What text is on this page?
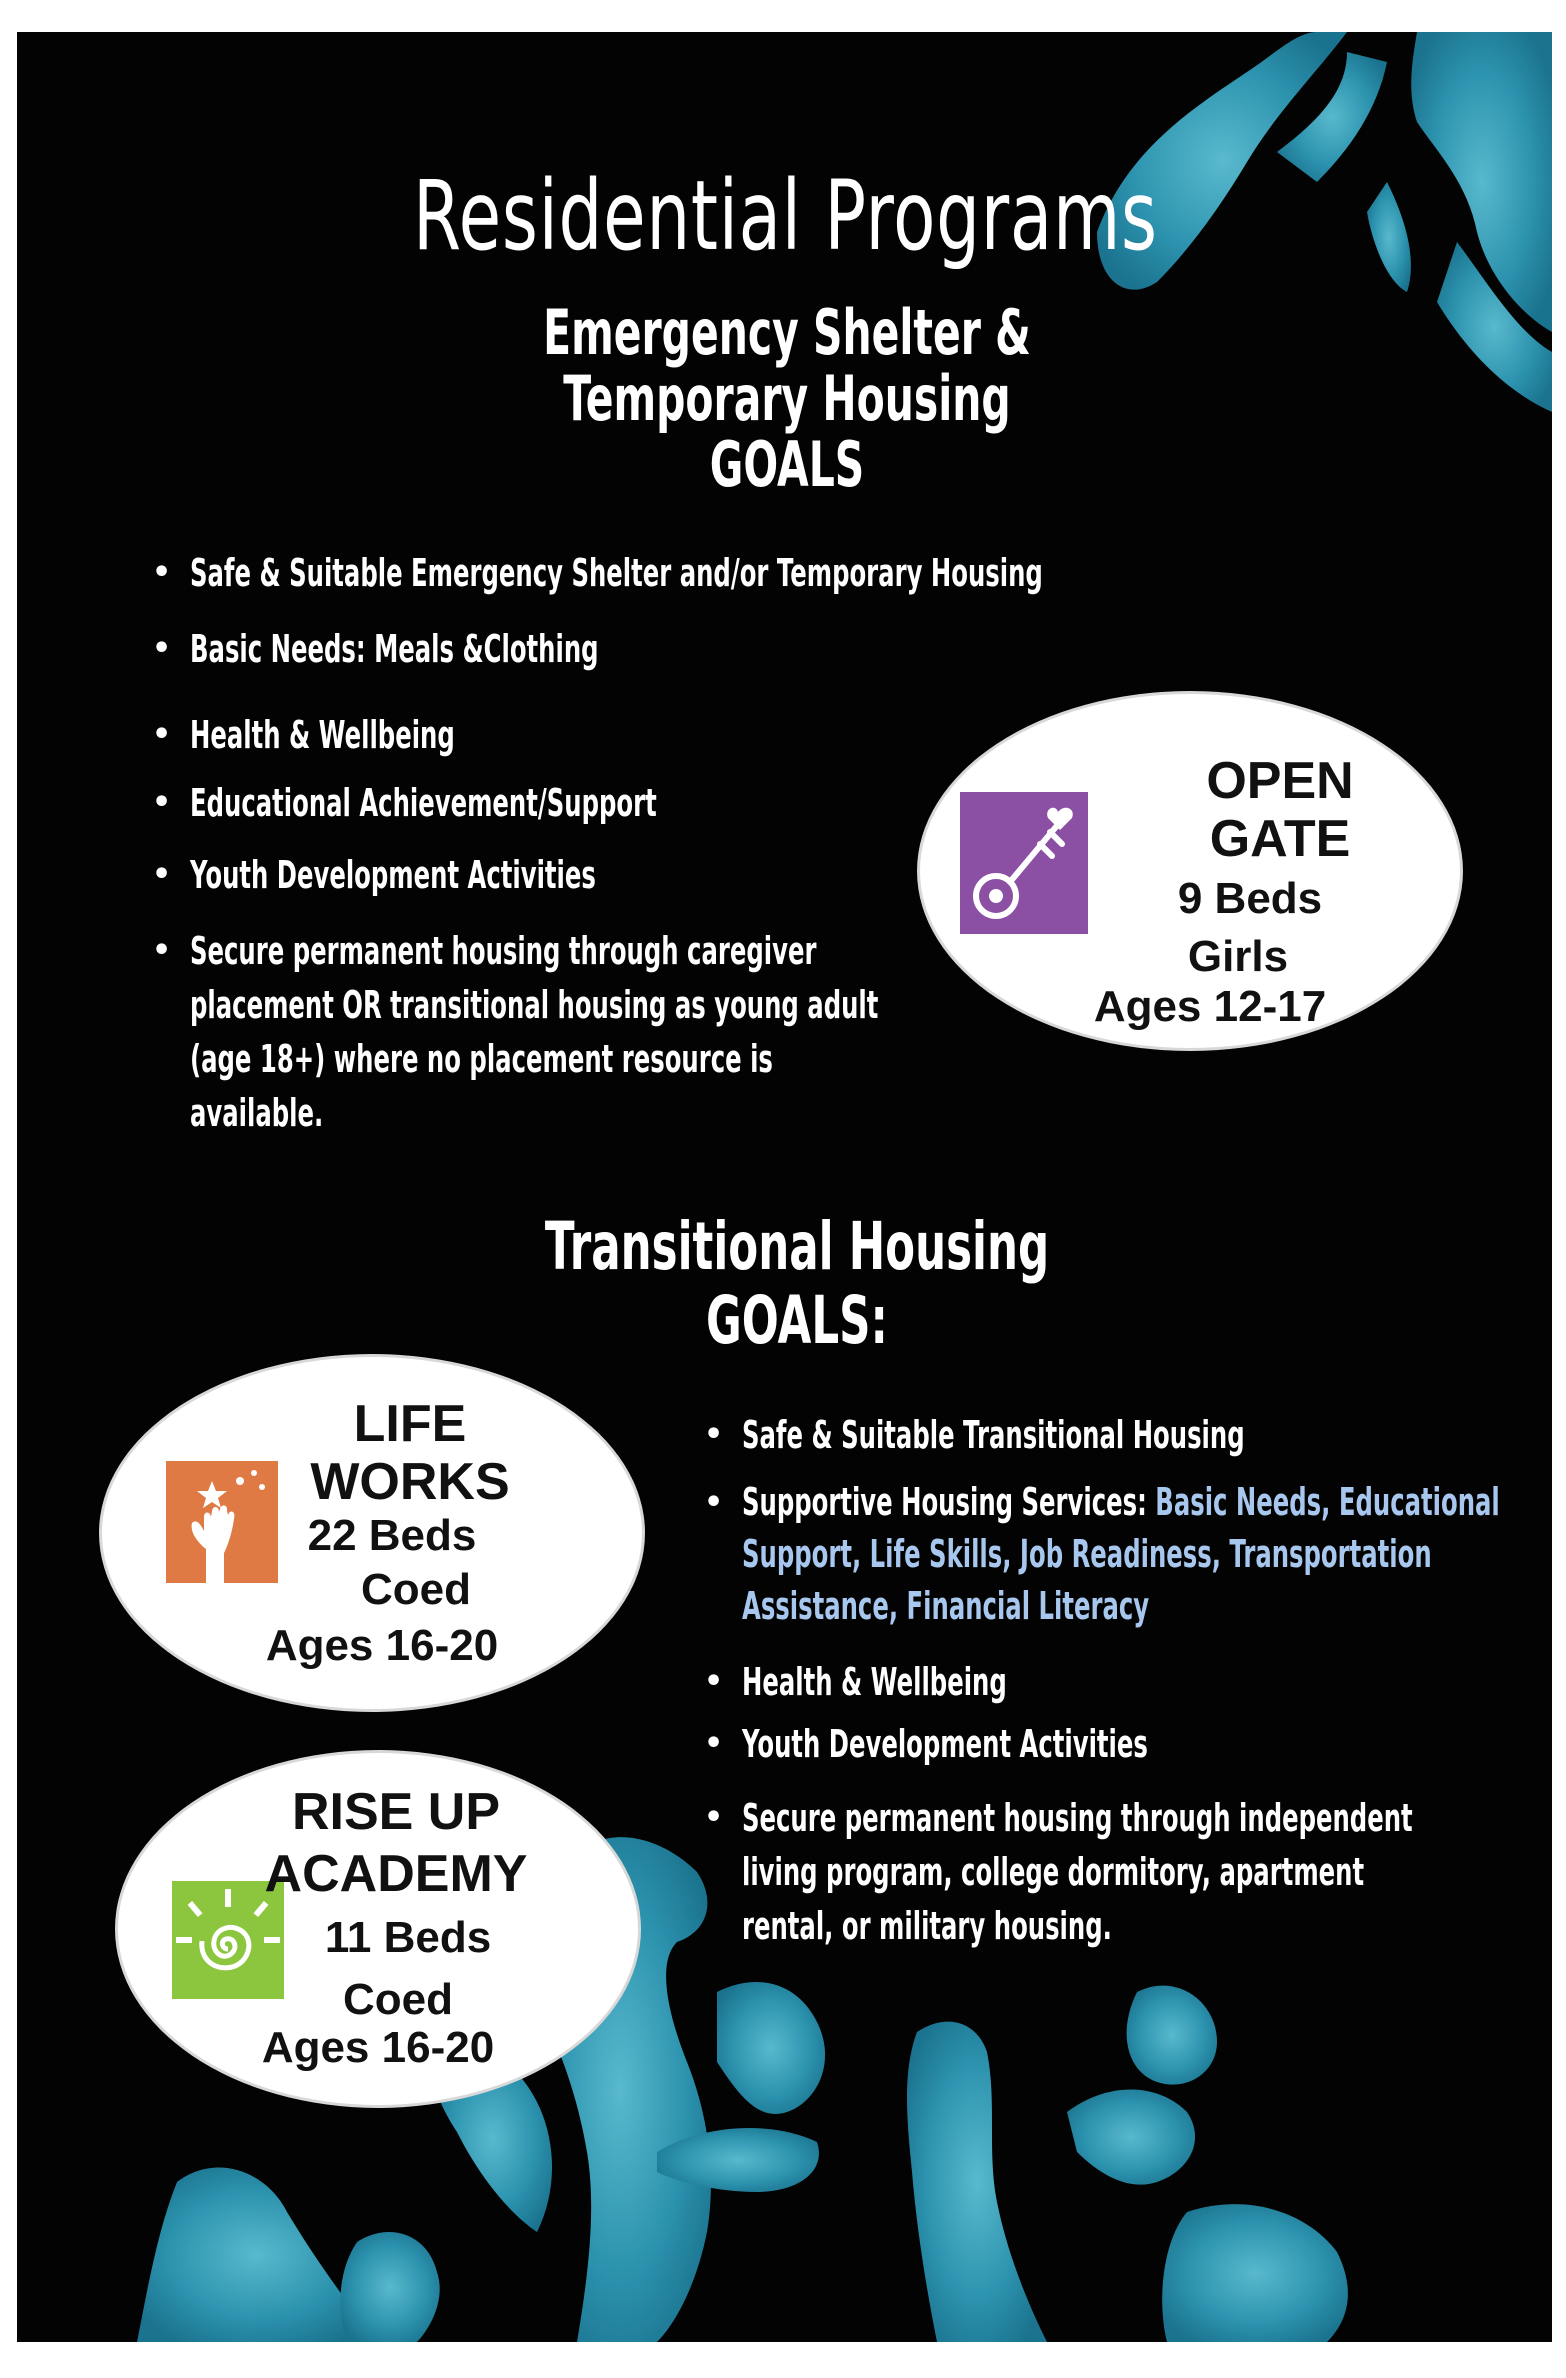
Residential Programs
Emergency Shelter &
Temporary Housing
GOALS
• Safe & Suitable Emergency Shelter and/or Temporary Housing
• Basic Needs: Meals &Clothing
• Health & Wellbeing
• Educational Achievement/Support
• Youth Development Activities
• Secure permanent housing through caregiver
placement OR transitional housing as young adult
(age 18+) where no placement resource is
available.
OPEN
GATE
9 Beds
Girls
Ages 12-17
Transitional Housing
GOALS:
LIFE
WORKS
22 Beds
Coed
Ages 16-20
RISE UP
ACADEMY
11 Beds
Coed
Ages 16-20
• Safe & Suitable Transitional Housing
• Supportive Housing Services: Basic Needs, Educational
Support, Life Skills, Job Readiness, Transportation
Assistance, Financial Literacy
• Health & Wellbeing
• Youth Development Activities
• Secure permanent housing through independent
living program, college dormitory, apartment
rental, or military housing.
